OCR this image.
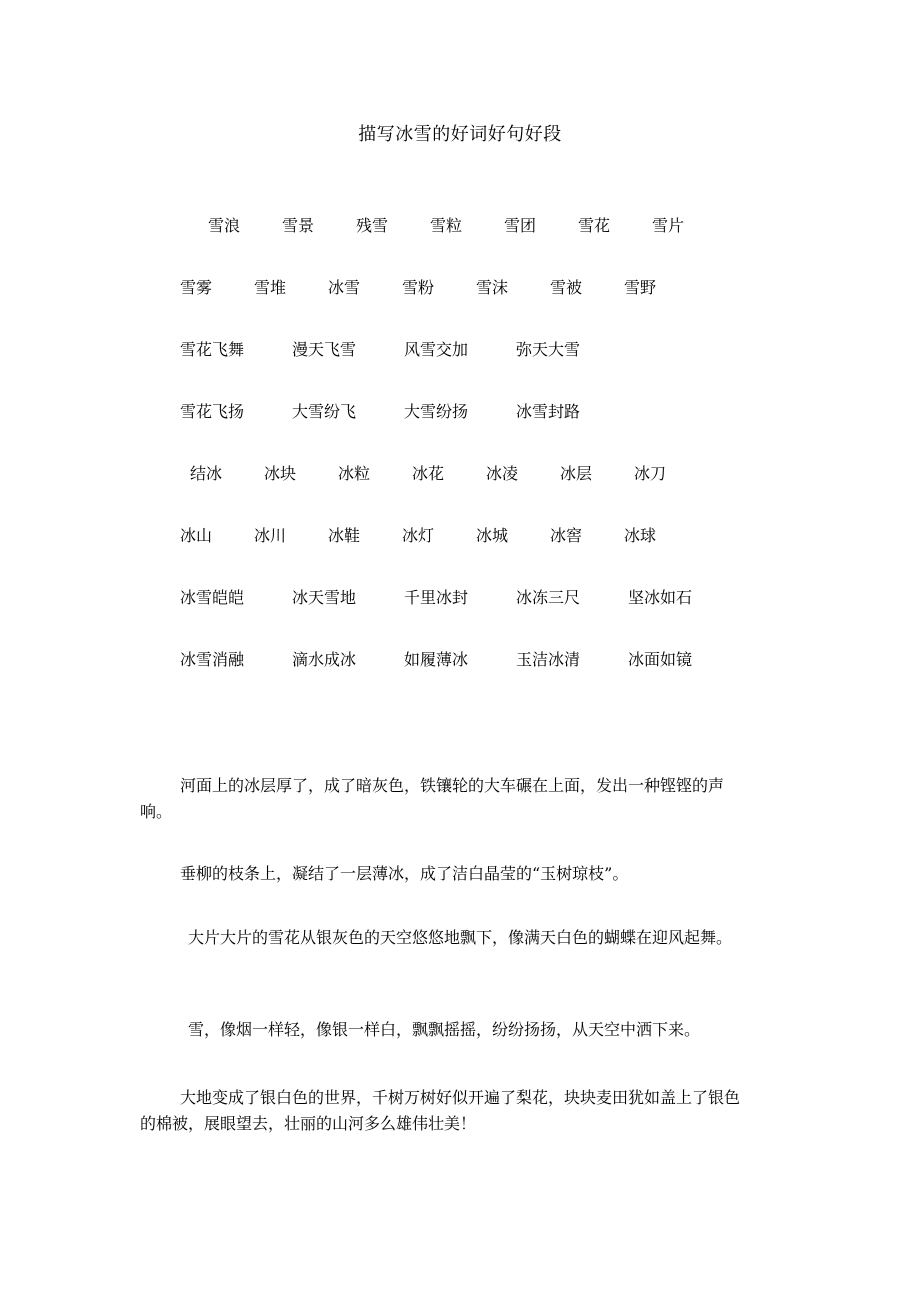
描写冰雪的好词好句好段
雪浪	雪景	残雪	雪粒	雪团	雪花	雪片
雪雾	雪堆	冰雪	雪粉	雪沫	雪被	雪野
雪花飞舞	漫天飞雪	风雪交加	弥天大雪
雪花飞扬	大雪纷飞	大雪纷扬	冰雪封路
结冰	冰块	冰粒	冰花	冰凌	冰层	冰刀
冰山	冰川	冰鞋	冰灯	冰城	冰窖	冰球
冰雪皑皑	冰天雪地	千里冰封	冰冻三尺	坚冰如石
冰雪消融	滴水成冰	如履薄冰	玉洁冰清	冰面如镜

河面上的冰层厚了，成了暗灰色，铁镶轮的大车碾在上面，发出一种铿铿的声响。

垂柳的枝条上，凝结了一层薄冰，成了洁白晶莹的“玉树琼枝”。

大片大片的雪花从银灰色的天空悠悠地飘下，像满天白色的蝴蝶在迎风起舞。

雪，像烟一样轻，像银一样白，飘飘摇摇，纷纷扬扬，从天空中洒下来。

大地变成了银白色的世界，千树万树好似开遍了梨花，块块麦田犹如盖上了银色的棉被，展眼望去，壮丽的山河多么雄伟壮美！
